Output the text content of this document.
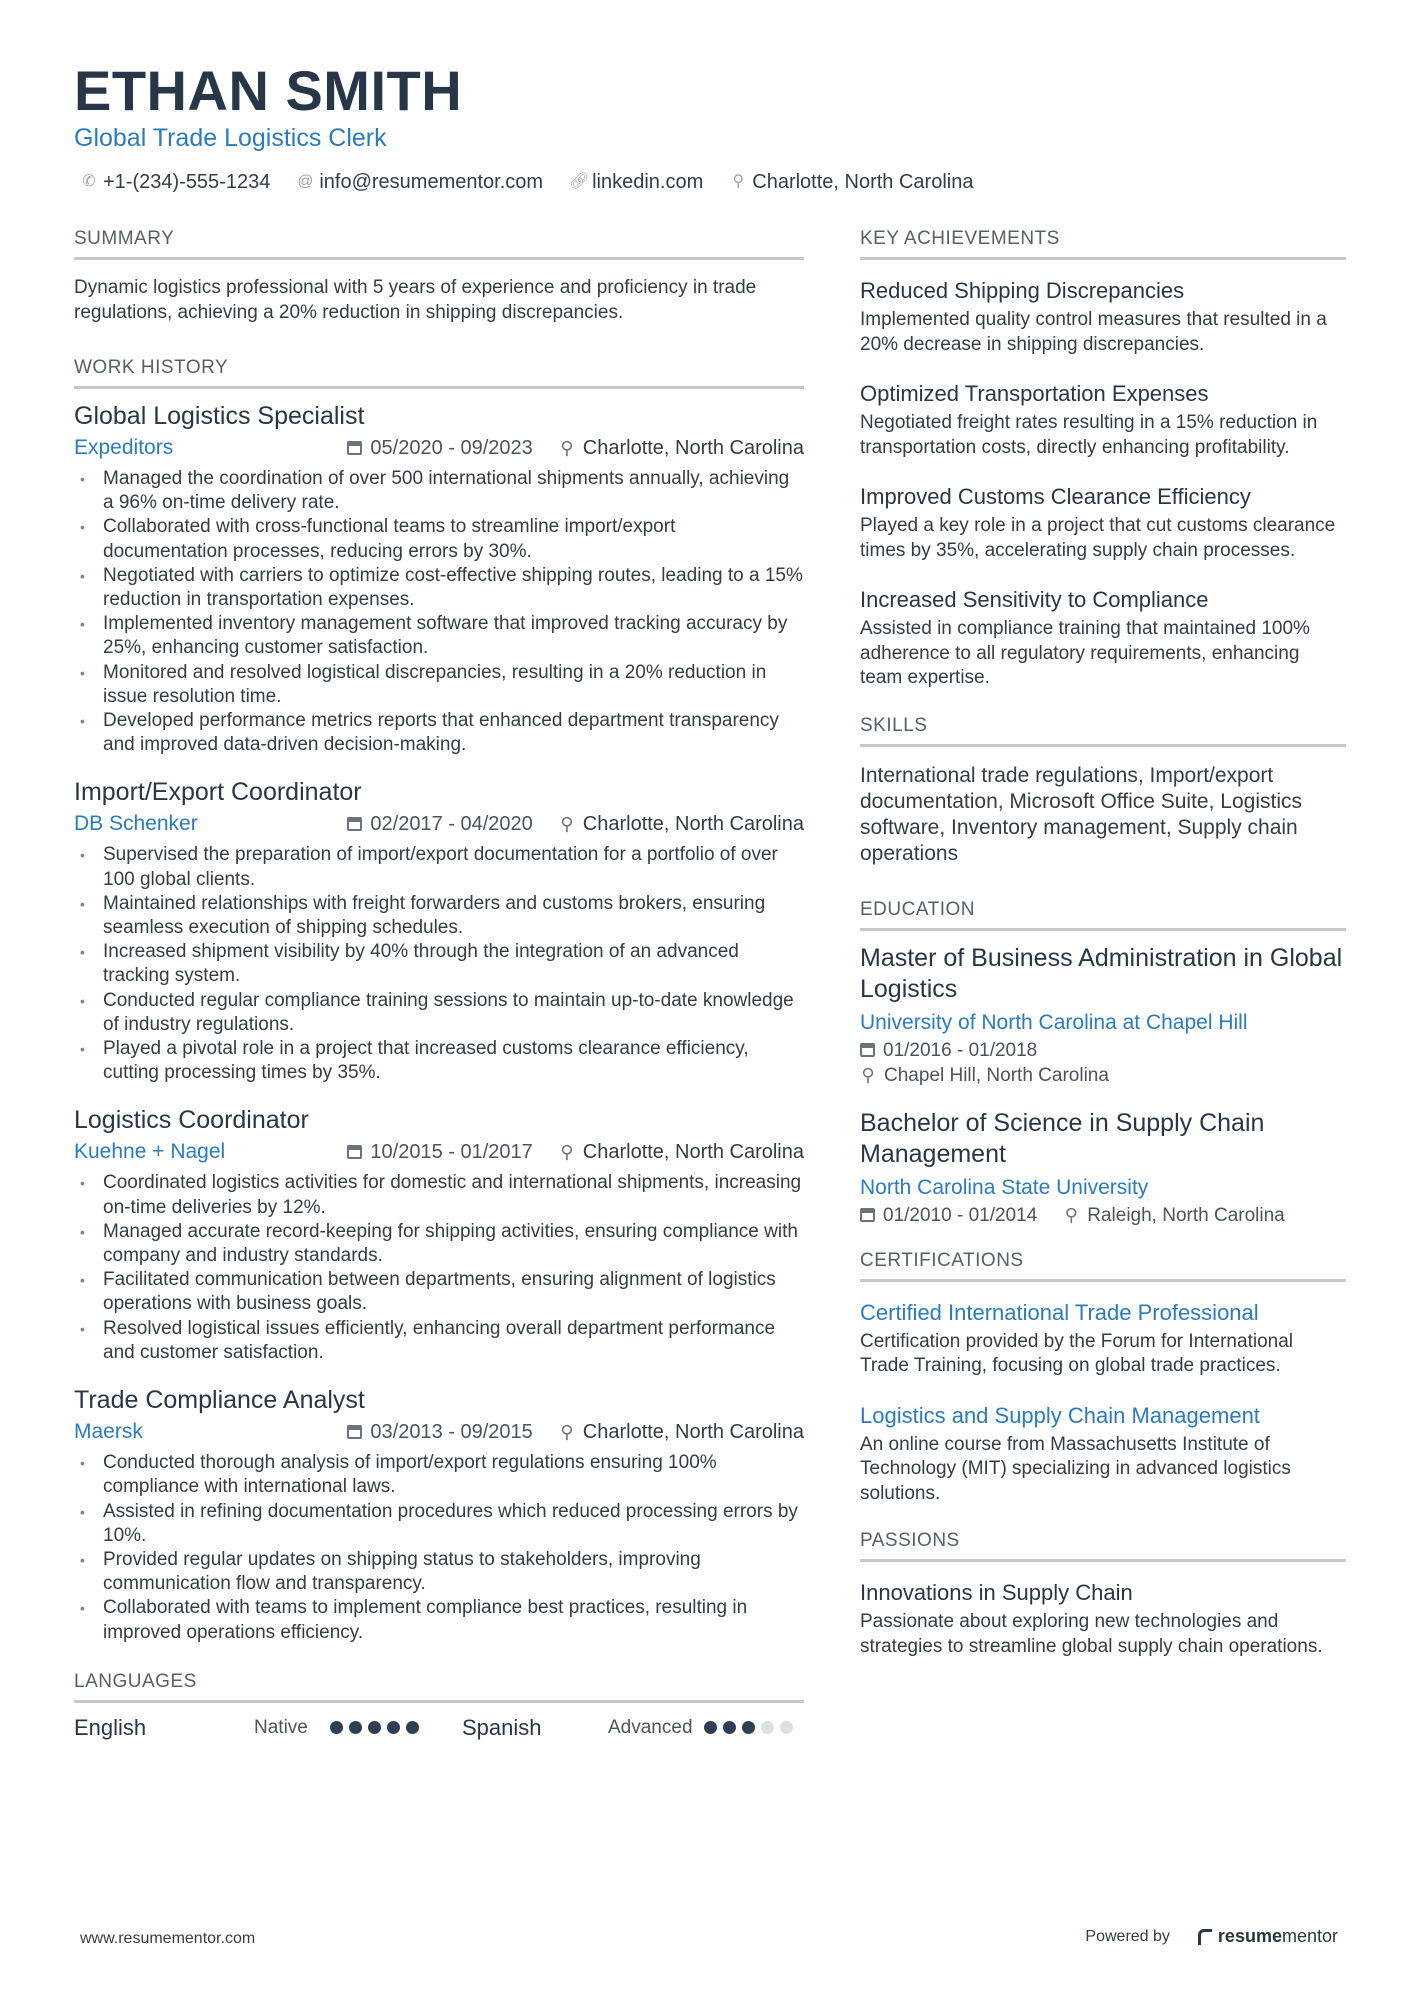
ETHAN SMITH
Global Trade Logistics Clerk
✆ +1-(234)-555-1234 @ info@resumementor.com 🔗︎ linkedin.com ⚲ Charlotte, North Carolina
SUMMARY
Dynamic logistics professional with 5 years of experience and proficiency in trade regulations, achieving a 20% reduction in shipping discrepancies.
WORK HISTORY
Global Logistics Specialist
Expeditors	05/2020 - 09/2023 ⚲ Charlotte, North Carolina
• Managed the coordination of over 500 international shipments annually, achieving a 96% on-time delivery rate.
• Collaborated with cross-functional teams to streamline import/export documentation processes, reducing errors by 30%.
• Negotiated with carriers to optimize cost-effective shipping routes, leading to a 15% reduction in transportation expenses.
• Implemented inventory management software that improved tracking accuracy by 25%, enhancing customer satisfaction.
• Monitored and resolved logistical discrepancies, resulting in a 20% reduction in issue resolution time.
• Developed performance metrics reports that enhanced department transparency and improved data-driven decision-making.
Import/Export Coordinator
DB Schenker	02/2017 - 04/2020 ⚲ Charlotte, North Carolina
• Supervised the preparation of import/export documentation for a portfolio of over 100 global clients.
• Maintained relationships with freight forwarders and customs brokers, ensuring seamless execution of shipping schedules.
• Increased shipment visibility by 40% through the integration of an advanced tracking system.
• Conducted regular compliance training sessions to maintain up-to-date knowledge of industry regulations.
• Played a pivotal role in a project that increased customs clearance efficiency, cutting processing times by 35%.
Logistics Coordinator
Kuehne + Nagel	10/2015 - 01/2017 ⚲ Charlotte, North Carolina
• Coordinated logistics activities for domestic and international shipments, increasing on-time deliveries by 12%.
• Managed accurate record-keeping for shipping activities, ensuring compliance with company and industry standards.
• Facilitated communication between departments, ensuring alignment of logistics operations with business goals.
• Resolved logistical issues efficiently, enhancing overall department performance and customer satisfaction.
Trade Compliance Analyst
Maersk	03/2013 - 09/2015 ⚲ Charlotte, North Carolina
• Conducted thorough analysis of import/export regulations ensuring 100% compliance with international laws.
• Assisted in refining documentation procedures which reduced processing errors by 10%.
• Provided regular updates on shipping status to stakeholders, improving communication flow and transparency.
• Collaborated with teams to implement compliance best practices, resulting in improved operations efficiency.
LANGUAGES
English	Native	Spanish	Advanced
KEY ACHIEVEMENTS
Reduced Shipping Discrepancies
Implemented quality control measures that resulted in a 20% decrease in shipping discrepancies.
Optimized Transportation Expenses
Negotiated freight rates resulting in a 15% reduction in transportation costs, directly enhancing profitability.
Improved Customs Clearance Efficiency
Played a key role in a project that cut customs clearance times by 35%, accelerating supply chain processes.
Increased Sensitivity to Compliance
Assisted in compliance training that maintained 100% adherence to all regulatory requirements, enhancing team expertise.
SKILLS
International trade regulations, Import/export documentation, Microsoft Office Suite, Logistics software, Inventory management, Supply chain operations
EDUCATION
Master of Business Administration in Global Logistics
University of North Carolina at Chapel Hill
01/2016 - 01/2018
⚲ Chapel Hill, North Carolina
Bachelor of Science in Supply Chain Management
North Carolina State University
01/2010 - 01/2014 ⚲ Raleigh, North Carolina
CERTIFICATIONS
Certified International Trade Professional
Certification provided by the Forum for International Trade Training, focusing on global trade practices.
Logistics and Supply Chain Management
An online course from Massachusetts Institute of Technology (MIT) specializing in advanced logistics solutions.
PASSIONS
Innovations in Supply Chain
Passionate about exploring new technologies and strategies to streamline global supply chain operations.
www.resumementor.com	Powered by	resumementor
